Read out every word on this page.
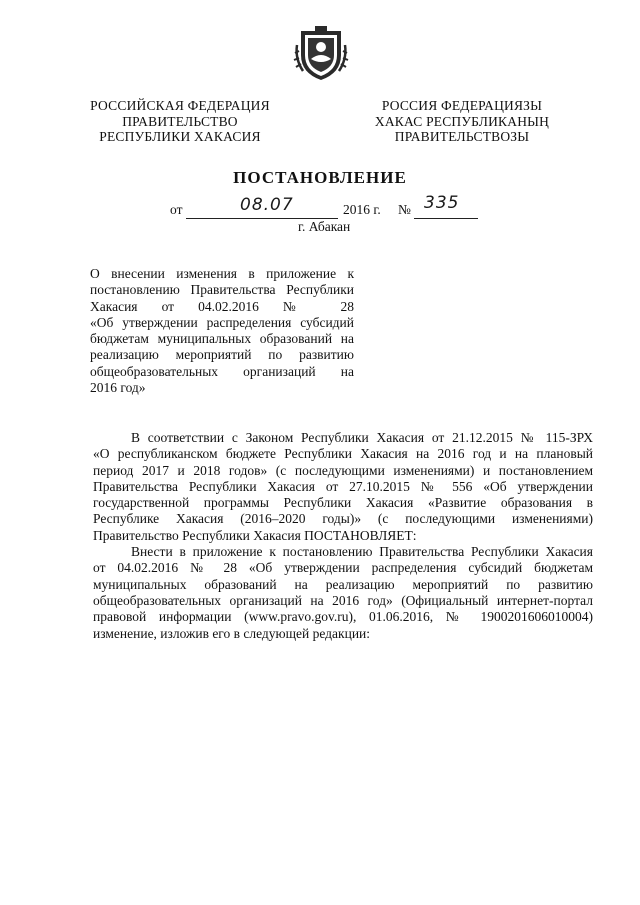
РОССИЙСКАЯ ФЕДЕРАЦИЯ
ПРАВИТЕЛЬСТВО
РЕСПУБЛИКИ ХАКАСИЯ
РОССИЯ ФЕДЕРАЦИЯЗЫ
ХАКАС РЕСПУБЛИКАНЫҢ
ПРАВИТЕЛЬСТВОЗЫ
ПОСТАНОВЛЕНИЕ
от	08.07	2016 г. № 335
г. Абакан
О внесении изменения в приложение к
постановлению Правительства Республики
Хакасия от 04.02.2016 № 28
«Об утверждении распределения субсидий
бюджетам муниципальных образований на
реализацию мероприятий по развитию
общеобразовательных организаций на
2016 год»
В соответствии с Законом Республики Хакасия от 21.12.2015 № 115-ЗРХ
«О республиканском бюджете Республики Хакасия на 2016 год и на плановый
период 2017 и 2018 годов» (с последующими изменениями) и постановлением
Правительства Республики Хакасия от 27.10.2015 № 556 «Об утверждении
государственной программы Республики Хакасия «Развитие образования в
Республике Хакасия (2016–2020 годы)» (с последующими изменениями)
Правительство Республики Хакасия ПОСТАНОВЛЯЕТ:
Внести в приложение к постановлению Правительства Республики Хакасия
от 04.02.2016 № 28 «Об утверждении распределения субсидий бюджетам
муниципальных образований на реализацию мероприятий по развитию
общеобразовательных организаций на 2016 год» (Официальный интернет-портал
правовой информации (www.pravo.gov.ru), 01.06.2016, № 1900201606010004)
изменение, изложив его в следующей редакции:
